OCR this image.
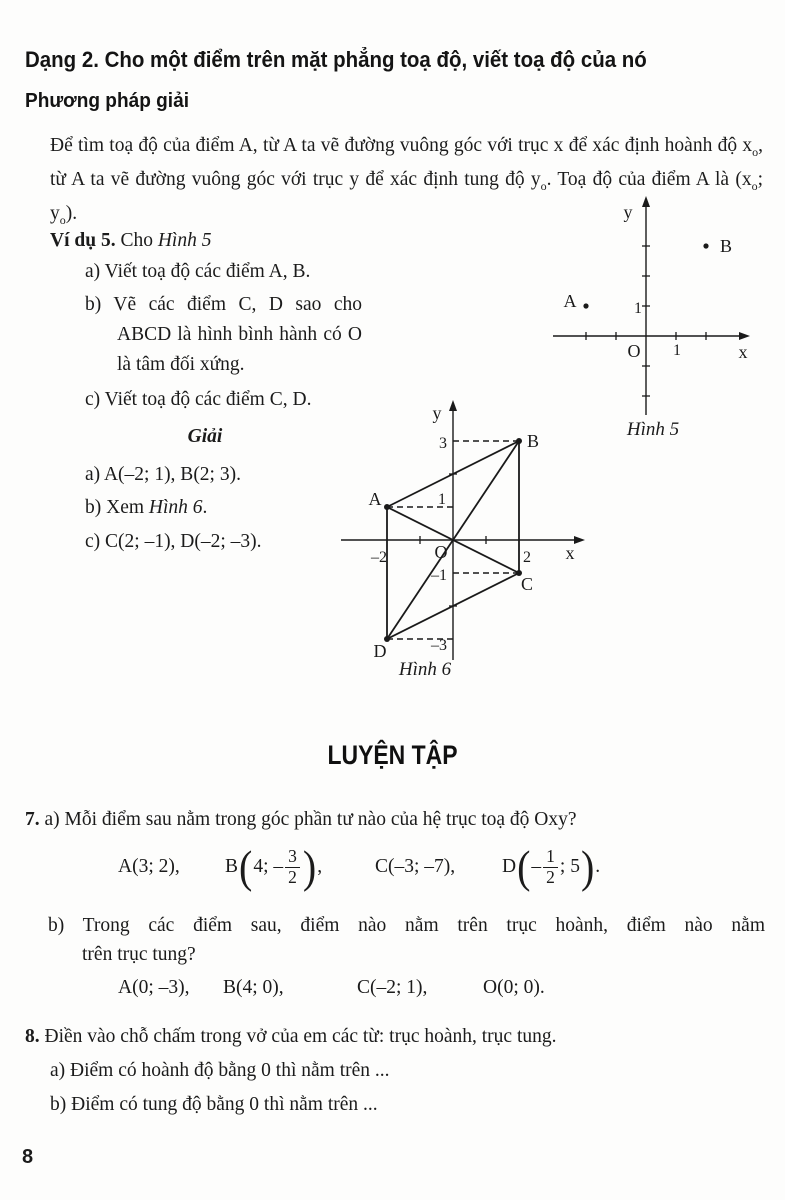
Dạng 2. Cho một điểm trên mặt phẳng toạ độ, viết toạ độ của nó
Phương pháp giải
Để tìm toạ độ của điểm A, từ A ta vẽ đường vuông góc với trục x để xác định hoành độ $x_o$, từ A ta vẽ đường vuông góc với trục y để xác định tung độ $y_o$. Toạ độ của điểm A là ($x_o$; $y_o$).
Ví dụ 5. Cho Hình 5
a) Viết toạ độ các điểm A, B.
b) Vẽ các điểm C, D sao cho ABCD là hình bình hành có O là tâm đối xứng.
c) Viết toạ độ các điểm C, D.
y
x
O
1
1
A
B
Hình 5
Giải
a) A(–2; 1), B(2; 3).
b) Xem Hình 6.
c) C(2; –1), D(–2; –3).
y
x
O
3
1
–1
–3
–2	2
A
B
C
D
Hình 6
LUYỆN TẬP
7. a) Mỗi điểm sau nằm trong góc phần tư nào của hệ trục toạ độ Oxy?
A(3; 2), B ( 4; – $\frac{3}{2}$ ) ,	C(–3; –7), D ( – $\frac{1}{2}$ ; 5 ) .
b) Trong các điểm sau, điểm nào nằm trên trục hoành, điểm nào nằm
trên trục tung?
A(0; –3), B(4; 0),	C(–2; 1),	O(0; 0).
8. Điền vào chỗ chấm trong vở của em các từ: trục hoành, trục tung.
a) Điểm có hoành độ bằng 0 thì nằm trên ...
b) Điểm có tung độ bằng 0 thì nằm trên ...
8
